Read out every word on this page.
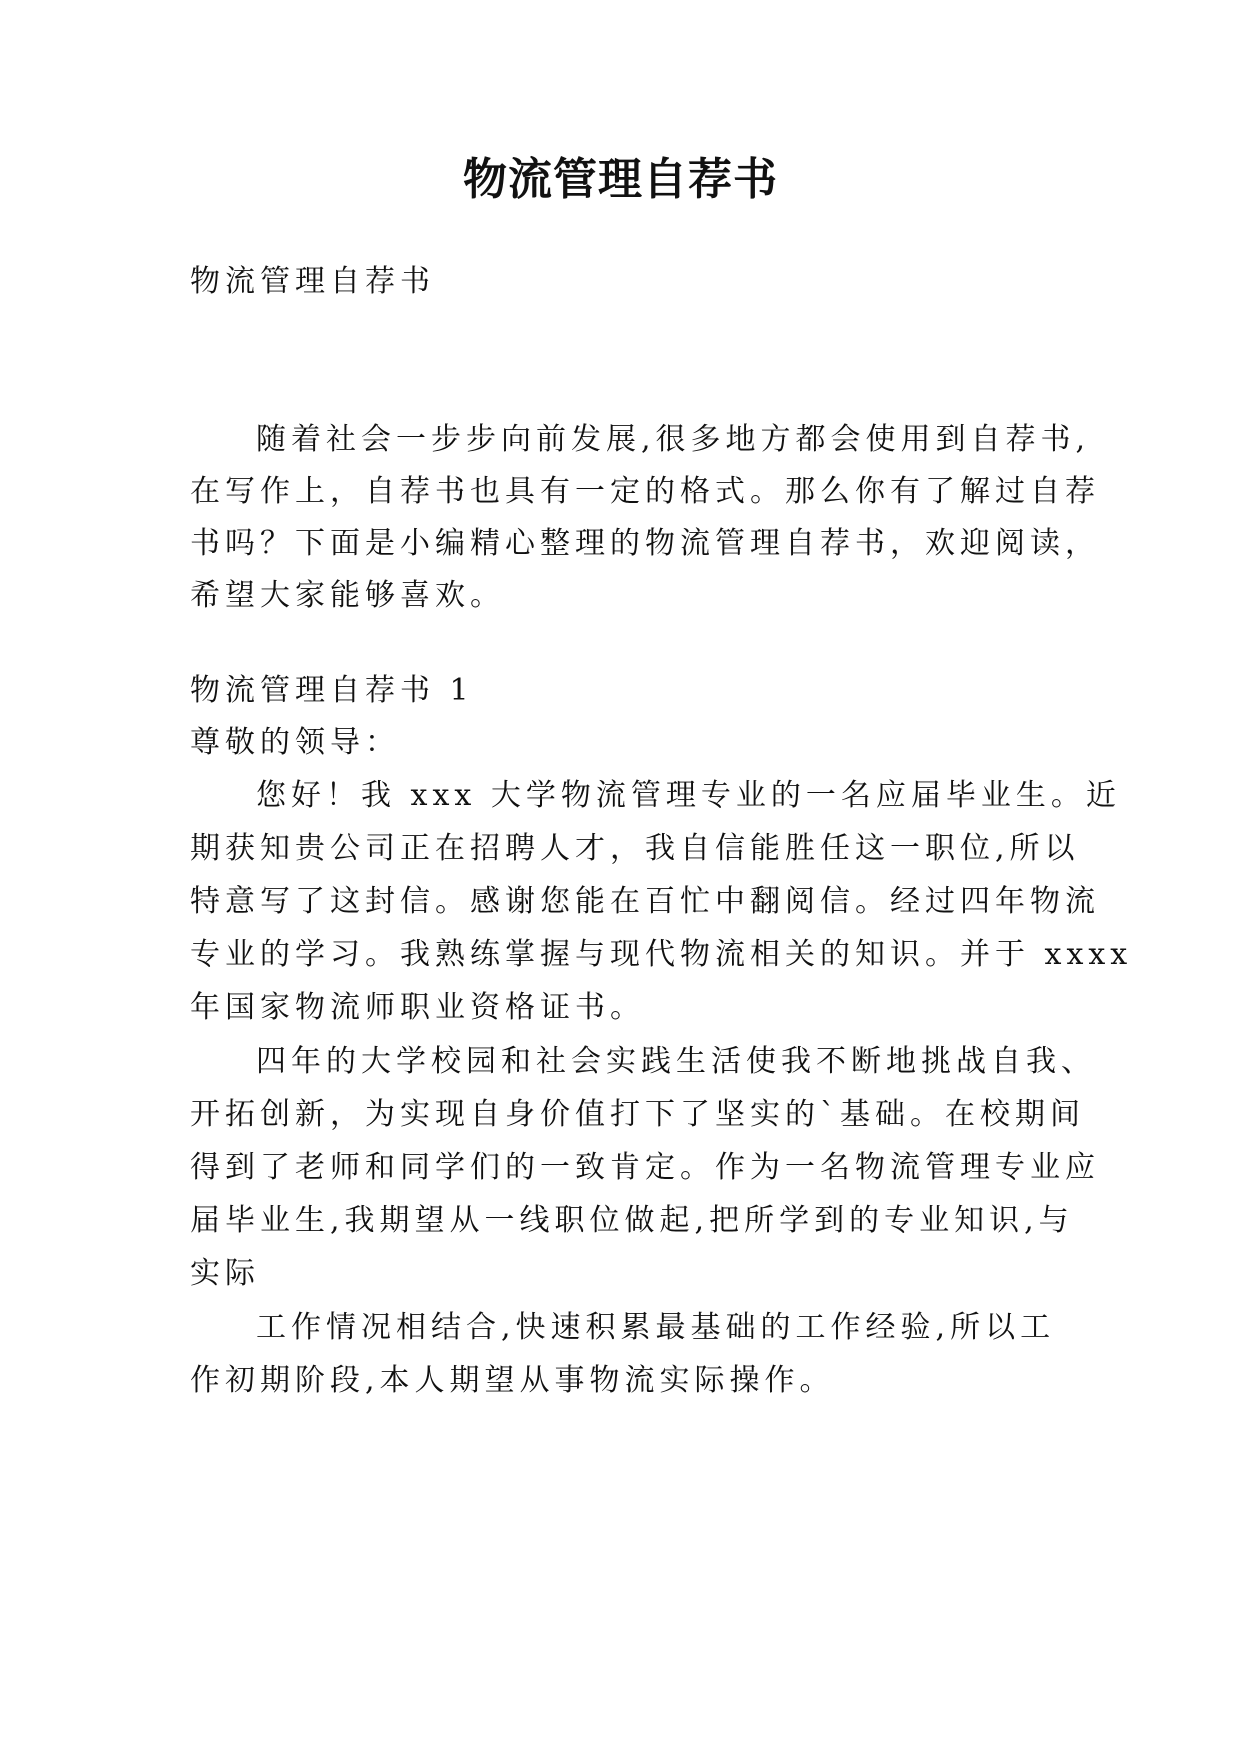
物流管理自荐书
物流管理自荐书
随着社会一步步向前发展,很多地方都会使用到自荐书,
在写作上，自荐书也具有一定的格式。那么你有了解过自荐
书吗？下面是小编精心整理的物流管理自荐书，欢迎阅读，
希望大家能够喜欢。
物流管理自荐书 1
尊敬的领导：
您好！我 xxx 大学物流管理专业的一名应届毕业生。近
期获知贵公司正在招聘人才，我自信能胜任这一职位,所以
特意写了这封信。感谢您能在百忙中翻阅信。经过四年物流
专业的学习。我熟练掌握与现代物流相关的知识。并于 xxxx
年国家物流师职业资格证书。
四年的大学校园和社会实践生活使我不断地挑战自我、
开拓创新，为实现自身价值打下了坚实的`基础。在校期间
得到了老师和同学们的一致肯定。作为一名物流管理专业应
届毕业生,我期望从一线职位做起,把所学到的专业知识,与
实际
工作情况相结合,快速积累最基础的工作经验,所以工
作初期阶段,本人期望从事物流实际操作。
